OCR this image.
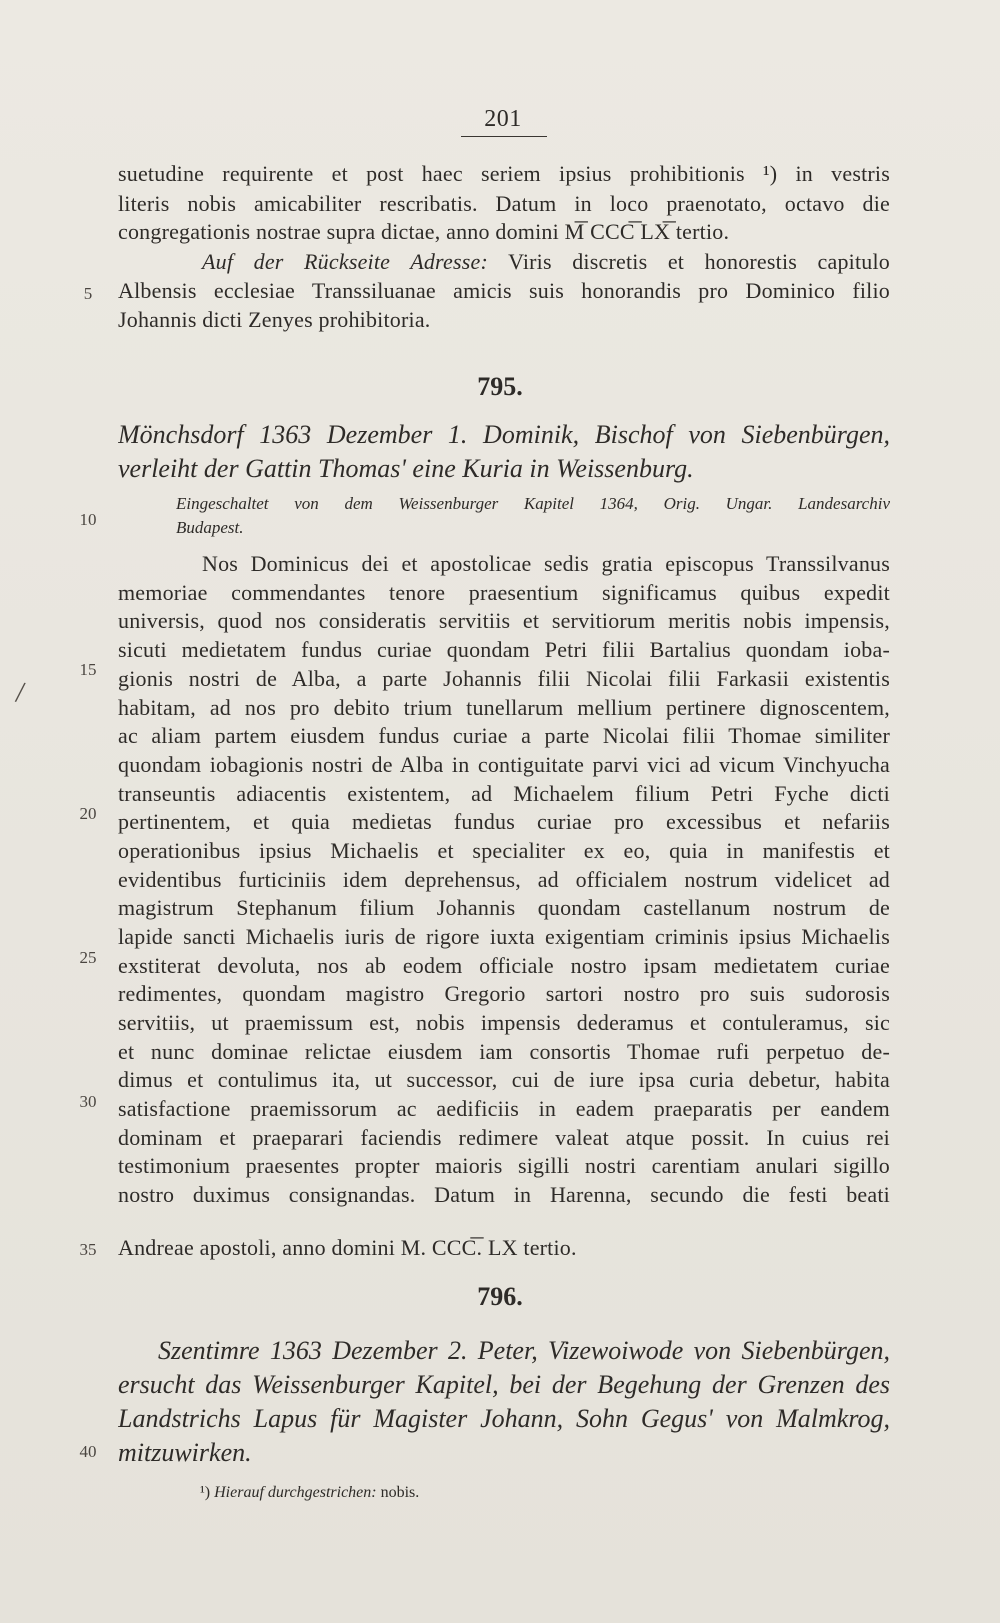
201
suetudine requirente et post haec seriem ipsius prohibitionis ¹) in vestris
literis nobis amicabiliter rescribatis. Datum in loco praenotato, octavo die
congregationis nostrae supra dictae, anno domini M͞ CCC͞ LX͞ tertio.
Auf der Rückseite Adresse: Viris discretis et honorestis capitulo
Albensis ecclesiae Transsiluanae amicis suis honorandis pro Dominico filio
Johannis dicti Zenyes prohibitoria.
795.
Mönchsdorf 1363 Dezember 1. Dominik, Bischof von Siebenbürgen,
verleiht der Gattin Thomas' eine Kuria in Weissenburg.
Eingeschaltet von dem Weissenburger Kapitel 1364, Orig. Ungar. Landesarchiv
Budapest.
Nos Dominicus dei et apostolicae sedis gratia episcopus Transsilvanus
memoriae commendantes tenore praesentium significamus quibus expedit
universis, quod nos consideratis servitiis et servitiorum meritis nobis impensis,
sicuti medietatem fundus curiae quondam Petri filii Bartalius quondam ioba-
gionis nostri de Alba, a parte Johannis filii Nicolai filii Farkasii existentis
habitam, ad nos pro debito trium tunellarum mellium pertinere dignoscentem,
ac aliam partem eiusdem fundus curiae a parte Nicolai filii Thomae similiter
quondam iobagionis nostri de Alba in contiguitate parvi vici ad vicum Vinchyucha
transeuntis adiacentis existentem, ad Michaelem filium Petri Fyche dicti
pertinentem, et quia medietas fundus curiae pro excessibus et nefariis
operationibus ipsius Michaelis et specialiter ex eo, quia in manifestis et
evidentibus furticiniis idem deprehensus, ad officialem nostrum videlicet ad
magistrum Stephanum filium Johannis quondam castellanum nostrum de
lapide sancti Michaelis iuris de rigore iuxta exigentiam criminis ipsius Michaelis
exstiterat devoluta, nos ab eodem officiale nostro ipsam medietatem curiae
redimentes, quondam magistro Gregorio sartori nostro pro suis sudorosis
servitiis, ut praemissum est, nobis impensis dederamus et contuleramus, sic
et nunc dominae relictae eiusdem iam consortis Thomae rufi perpetuo de-
dimus et contulimus ita, ut successor, cui de iure ipsa curia debetur, habita
satisfactione praemissorum ac aedificiis in eadem praeparatis per eandem
dominam et praeparari faciendis redimere valeat atque possit. In cuius rei
testimonium praesentes propter maioris sigilli nostri carentiam anulari sigillo
nostro duximus consignandas. Datum in Harenna, secundo die festi beati
Andreae apostoli, anno domini M. CCC͞. LX tertio.
796.
Szentimre 1363 Dezember 2. Peter, Vizewoiwode von Siebenbürgen,
ersucht das Weissenburger Kapitel, bei der Begehung der Grenzen des
Landstrichs Lapus für Magister Johann, Sohn Gegus' von Malmkrog,
mitzuwirken.
¹) Hierauf durchgestrichen: nobis.
5
10
15
20
25
30
35
40
/
